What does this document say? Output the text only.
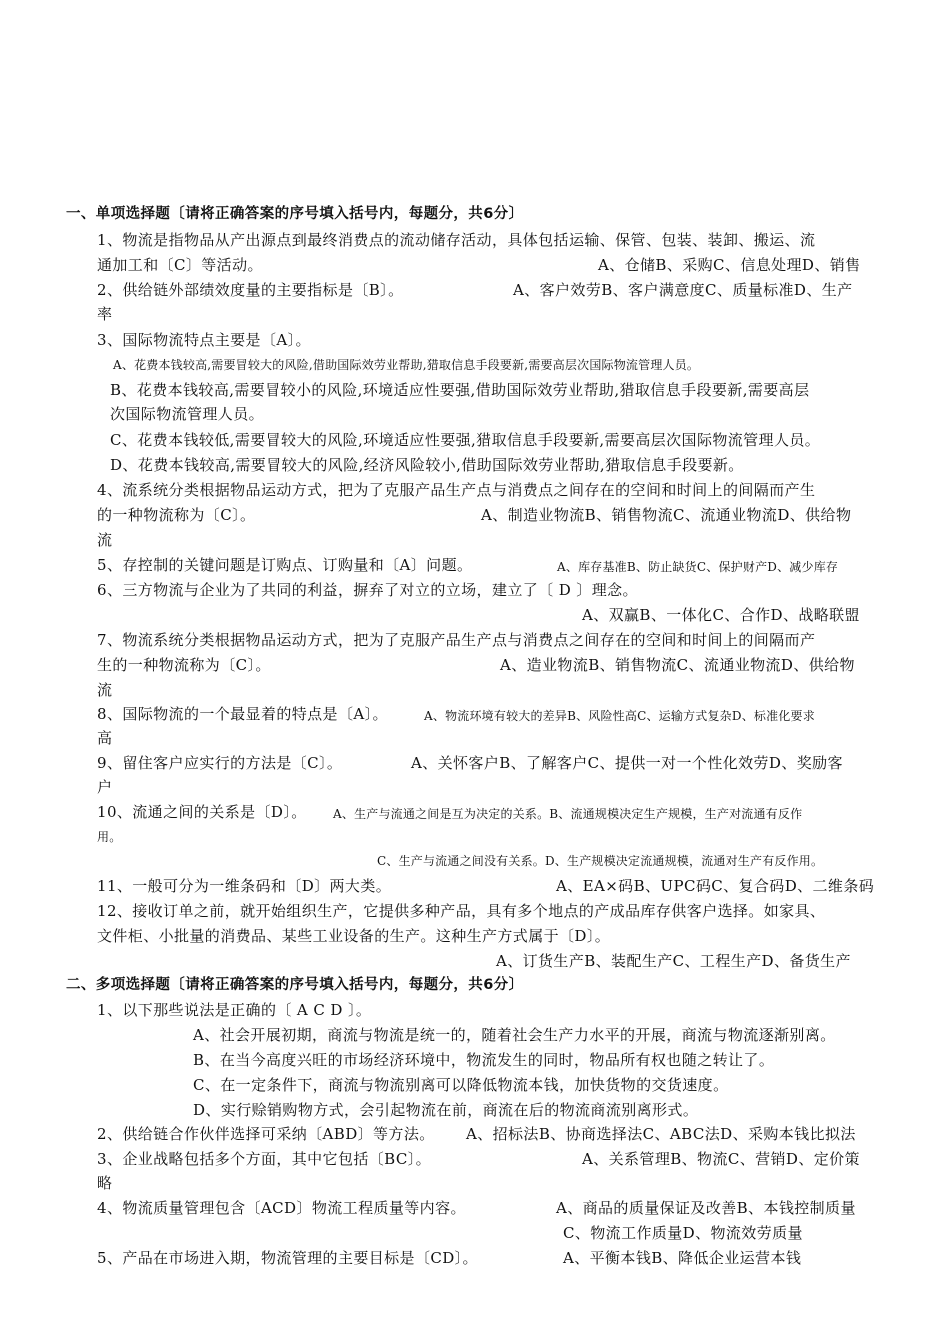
一、单项选择题〔请将正确答案的序号填入括号内，每题分，共6分〕
1、物流是指物品从产出源点到最终消费点的流动储存活动，具体包括运输、保管、包装、装卸、搬运、流
通加工和〔C〕等活动。	A、仓储B、采购C、信息处理D、销售
2、供给链外部绩效度量的主要指标是〔B〕。	A、客户效劳B、客户满意度C、质量标准D、生产
率
3、国际物流特点主要是〔A〕。
A、花费本钱较高,需要冒较大的风险,借助国际效劳业帮助,猎取信息手段要新,需要高层次国际物流管理人员。
B、花费本钱较高,需要冒较小的风险,环境适应性要强,借助国际效劳业帮助,猎取信息手段要新,需要高层
次国际物流管理人员。
C、花费本钱较低,需要冒较大的风险,环境适应性要强,猎取信息手段要新,需要高层次国际物流管理人员。
D、花费本钱较高,需要冒较大的风险,经济风险较小,借助国际效劳业帮助,猎取信息手段要新。
4、流系统分类根据物品运动方式，把为了克服产品生产点与消费点之间存在的空间和时间上的间隔而产生
的一种物流称为〔C〕。	A、制造业物流B、销售物流C、流通业物流D、供给物
流
5、存控制的关键问题是订购点、订购量和〔A〕问题。	A、库存基准B、防止缺货C、保护财产D、减少库存
6、三方物流与企业为了共同的利益，摒弃了对立的立场，建立了〔 D 〕理念。
A、双赢B、一体化C、合作D、战略联盟
7、物流系统分类根据物品运动方式，把为了克服产品生产点与消费点之间存在的空间和时间上的间隔而产
生的一种物流称为〔C〕。	A、造业物流B、销售物流C、流通业物流D、供给物
流
8、国际物流的一个最显着的特点是〔A〕。	A、物流环境有较大的差异B、风险性高C、运输方式复杂D、标准化要求
高
9、留住客户应实行的方法是〔C〕。	A、关怀客户B、了解客户C、提供一对一个性化效劳D、奖励客
户
10、流通之间的关系是〔D〕。 A、生产与流通之间是互为决定的关系。B、流通规模决定生产规模，生产对流通有反作
用。
C、生产与流通之间没有关系。D、生产规模决定流通规模，流通对生产有反作用。
11、一般可分为一维条码和〔D〕两大类。	A、EA×码B、UPC码C、复合码D、二维条码
12、接收订单之前，就开始组织生产，它提供多种产品，具有多个地点的产成品库存供客户选择。如家具、
文件柜、小批量的消费品、某些工业设备的生产。这种生产方式属于〔D〕。
A、订货生产B、装配生产C、工程生产D、备货生产
二、多项选择题〔请将正确答案的序号填入括号内，每题分，共6分〕
1、以下那些说法是正确的〔 A C D 〕。
A、社会开展初期，商流与物流是统一的，随着社会生产力水平的开展，商流与物流逐渐别离。
B、在当今高度兴旺的市场经济环境中，物流发生的同时，物品所有权也随之转让了。
C、在一定条件下，商流与物流别离可以降低物流本钱，加快货物的交货速度。
D、实行赊销购物方式，会引起物流在前，商流在后的物流商流别离形式。
2、供给链合作伙伴选择可采纳〔ABD〕等方法。 A、招标法B、协商选择法C、ABC法D、采购本钱比拟法
3、企业战略包括多个方面，其中它包括〔BC〕。	A、关系管理B、物流C、营销D、定价策
略
4、物流质量管理包含〔ACD〕物流工程质量等内容。	A、商品的质量保证及改善B、本钱控制质量
C、物流工作质量D、物流效劳质量
5、产品在市场进入期，物流管理的主要目标是〔CD〕。	A、平衡本钱B、降低企业运营本钱
